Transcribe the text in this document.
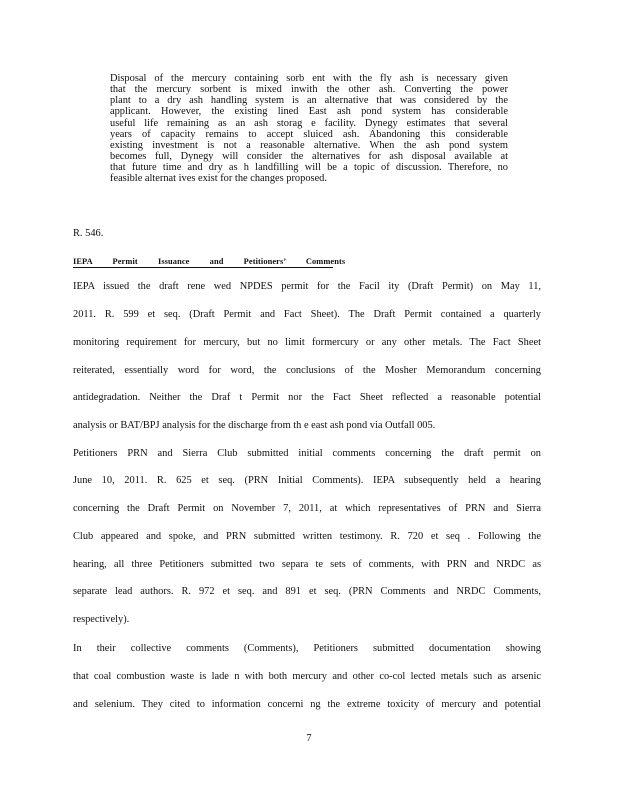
Disposal of the mercury containing sorb ent with the fly ash is necessary given
that the mercury sorbent is mixed inwith the other ash. Converting the power
plant to a dry ash handling system is an alternative that was considered by the
applicant. However, the existing lined East ash pond system has considerable
useful life remaining as an ash storag e facility. Dynegy estimates that several
years of capacity remains to accept sluiced ash. Abandoning this considerable
existing investment is not a reasonable alternative. When the ash pond system
becomes full, Dynegy will consider the alternatives for ash disposal available at
that future time and dry as h landfilling will be a topic of discussion. Therefore, no
feasible alternat ives exist for the changes proposed.
R. 546.
IEPA Permit Issuance and Petitioners’ Comments
IEPA issued the draft rene wed NPDES permit for the Facil ity (Draft Permit) on May 11,
2011. R. 599 et seq. (Draft Permit and Fact Sheet). The Draft Permit contained a quarterly
monitoring requirement for mercury, but no limit formercury or any other metals. The Fact Sheet
reiterated, essentially word for word, the conclusions of the Mosher Memorandum concerning
antidegradation. Neither the Draf t Permit nor the Fact Sheet reflected a reasonable potential
analysis or BAT/BPJ analysis for the discharge from th e east ash pond via Outfall 005.
Petitioners PRN and Sierra Club submitted initial comments concerning the draft permit on
June 10, 2011. R. 625 et seq. (PRN Initial Comments). IEPA subsequently held a hearing
concerning the Draft Permit on November 7, 2011, at which representatives of PRN and Sierra
Club appeared and spoke, and PRN submitted written testimony. R. 720 et seq . Following the
hearing, all three Petitioners submitted two separa te sets of comments, with PRN and NRDC as
separate lead authors. R. 972 et seq. and 891 et seq. (PRN Comments and NRDC Comments,
respectively).
In their collective comments (Comments), Petitioners submitted documentation showing
that coal combustion waste is lade n with both mercury and other co-col lected metals such as arsenic
and selenium. They cited to information concerni ng the extreme toxicity of mercury and potential
7
